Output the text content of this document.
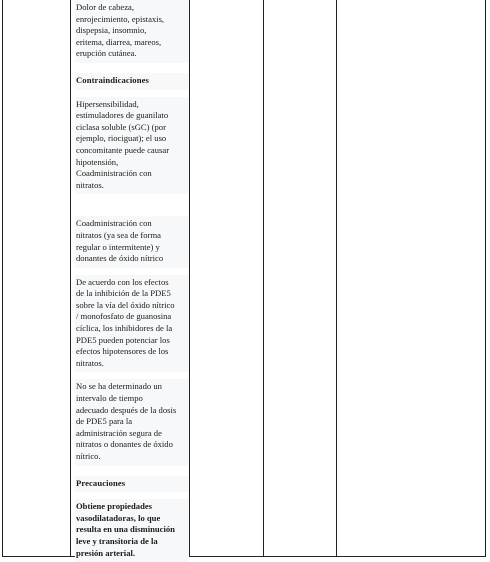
Dolor de cabeza,
enrojecimiento, epistaxis,
dispepsia, insomnio,
eritema, diarrea, mareos,
erupción cutánea.

Contraindicaciones

Hipersensibilidad,
estimuladores de guanilato
ciclasa soluble (sGC) (por
ejemplo, riociguat); el uso
concomitante puede causar
hipotensión,
Coadministración con
nitratos.

Coadministración con
nitratos (ya sea de forma
regular o intermitente) y
donantes de óxido nítrico

De acuerdo con los efectos
de la inhibición de la PDE5
sobre la vía del óxido nítrico
/ monofosfato de guanosina
cíclica, los inhibidores de la
PDE5 pueden potenciar los
efectos hipotensores de los
nitratos.

No se ha determinado un
intervalo de tiempo
adecuado después de la dosis
de PDE5 para la
administración segura de
nitratos o donantes de óxido
nítrico.

Precauciones

Obtiene propiedades
vasodilatadoras, lo que
resulta en una disminución
leve y transitoria de la
presión arterial.
